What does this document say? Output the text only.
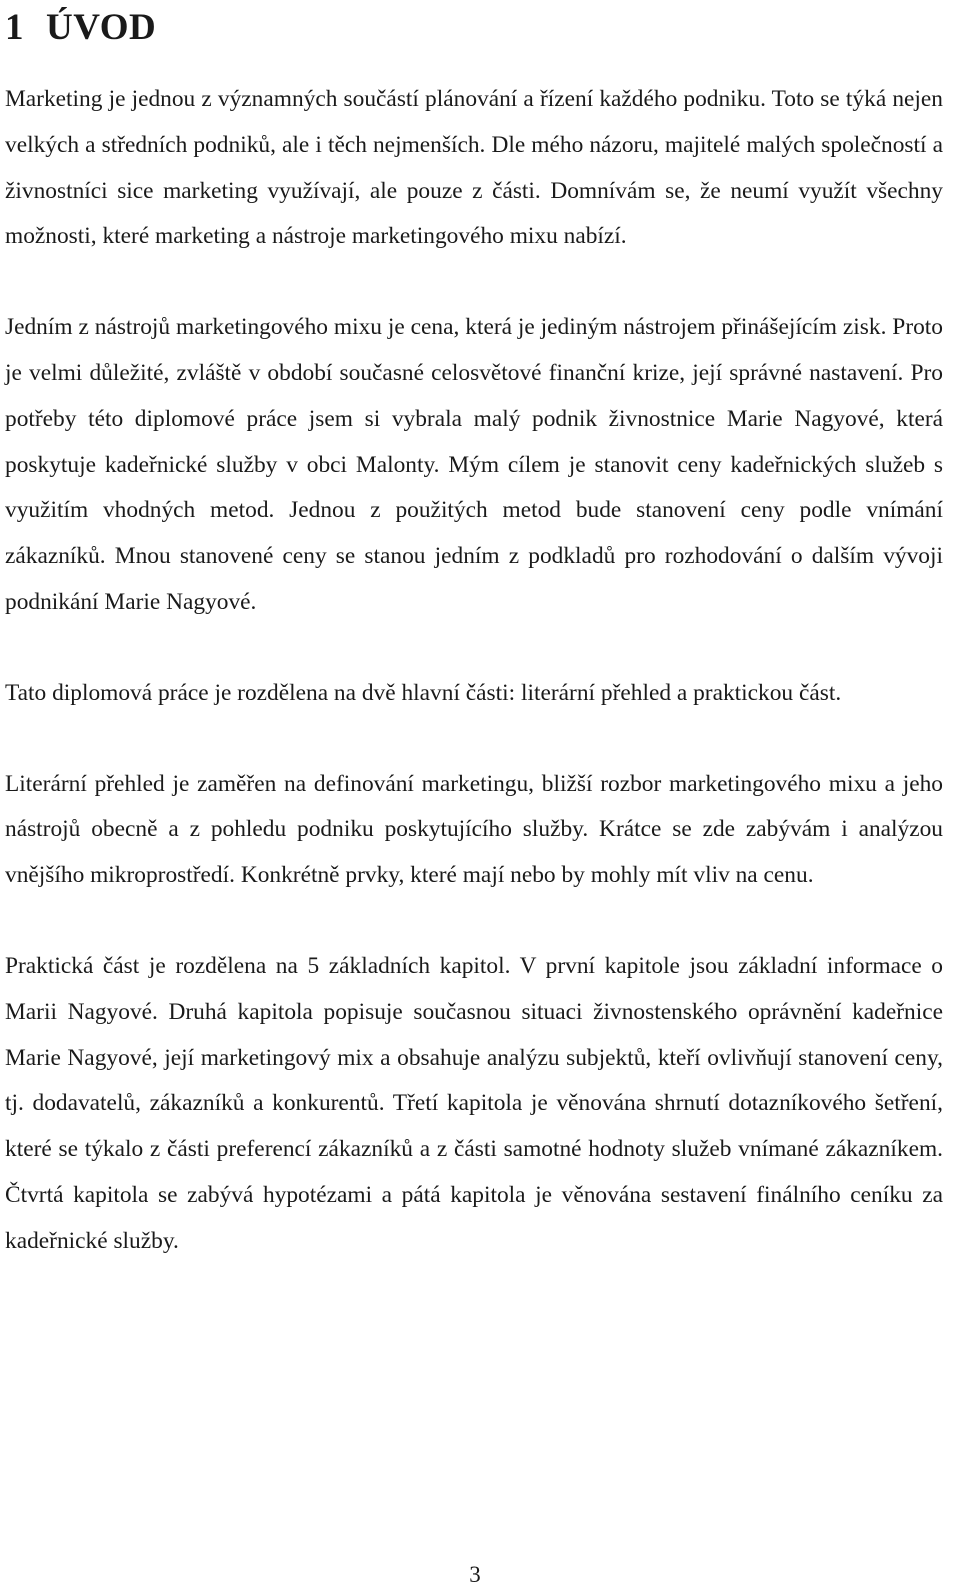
1 ÚVOD

Marketing je jednou z významných součástí plánování a řízení každého podniku. Toto se týká nejen velkých a středních podniků, ale i těch nejmenších. Dle mého názoru, majitelé malých společností a živnostníci sice marketing využívají, ale pouze z části. Domnívám se, že neumí využít všechny možnosti, které marketing a nástroje marketingového mixu nabízí.

Jedním z nástrojů marketingového mixu je cena, která je jediným nástrojem přinášejícím zisk. Proto je velmi důležité, zvláště v období současné celosvětové finanční krize, její správné nastavení. Pro potřeby této diplomové práce jsem si vybrala malý podnik živnostnice Marie Nagyové, která poskytuje kadeřnické služby v obci Malonty. Mým cílem je stanovit ceny kadeřnických služeb s využitím vhodných metod. Jednou z použitých metod bude stanovení ceny podle vnímání zákazníků. Mnou stanovené ceny se stanou jedním z podkladů pro rozhodování o dalším vývoji podnikání Marie Nagyové.

Tato diplomová práce je rozdělena na dvě hlavní části: literární přehled a praktickou část.

Literární přehled je zaměřen na definování marketingu, bližší rozbor marketingového mixu a jeho nástrojů obecně a z pohledu podniku poskytujícího služby. Krátce se zde zabývám i analýzou vnějšího mikroprostředí. Konkrétně prvky, které mají nebo by mohly mít vliv na cenu.

Praktická část je rozdělena na 5 základních kapitol. V první kapitole jsou základní informace o Marii Nagyové. Druhá kapitola popisuje současnou situaci živnostenského oprávnění kadeřnice Marie Nagyové, její marketingový mix a obsahuje analýzu subjektů, kteří ovlivňují stanovení ceny, tj. dodavatelů, zákazníků a konkurentů. Třetí kapitola je věnována shrnutí dotazníkového šetření, které se týkalo z části preferencí zákazníků a z části samotné hodnoty služeb vnímané zákazníkem. Čtvrtá kapitola se zabývá hypotézami a pátá kapitola je věnována sestavení finálního ceníku za kadeřnické služby.

3
